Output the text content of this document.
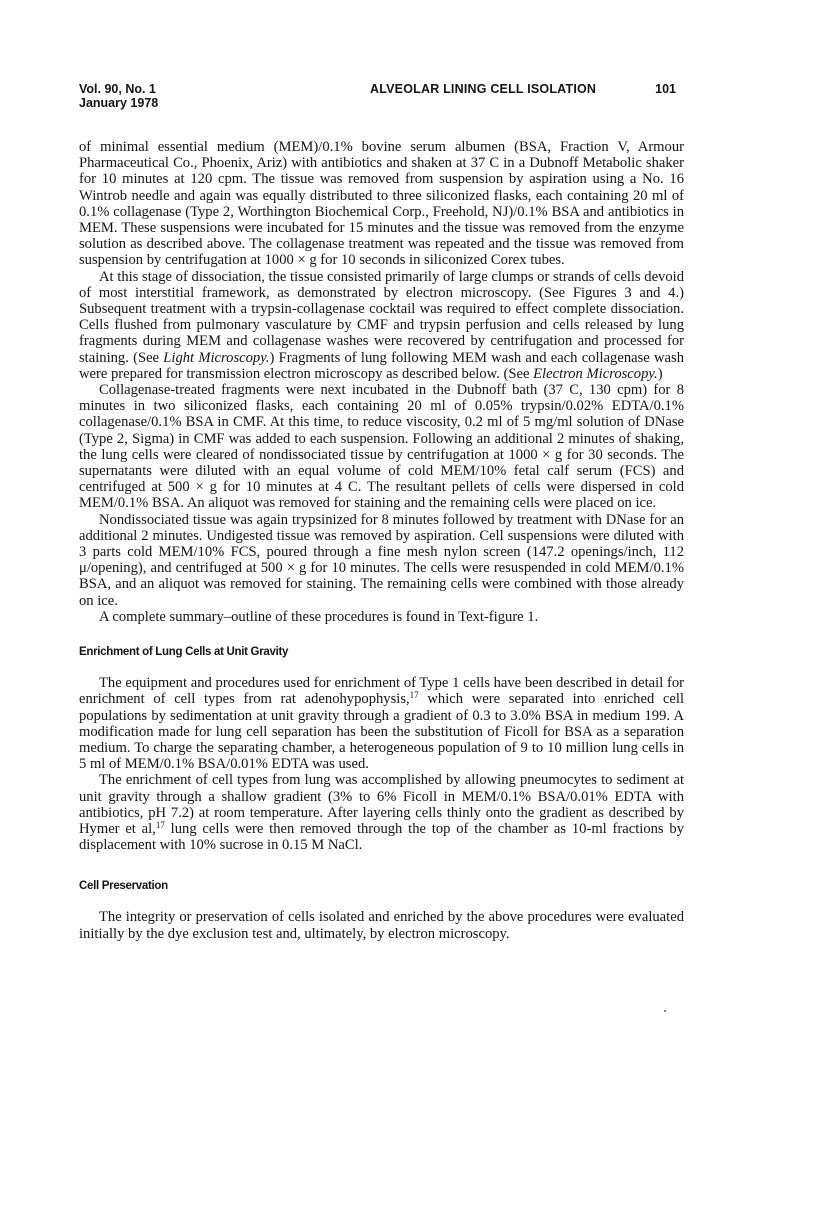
Vol. 90, No. 1
January 1978
ALVEOLAR LINING CELL ISOLATION	101

of minimal essential medium (MEM)/0.1% bovine serum albumen (BSA, Fraction V, Armour Pharmaceutical Co., Phoenix, Ariz) with antibiotics and shaken at 37 C in a Dubnoff Metabolic shaker for 10 minutes at 120 cpm. The tissue was removed from suspension by aspiration using a No. 16 Wintrob needle and again was equally distributed to three siliconized flasks, each containing 20 ml of 0.1% collagenase (Type 2, Worthington Biochemical Corp., Freehold, NJ)/0.1% BSA and antibiotics in MEM. These suspensions were incubated for 15 minutes and the tissue was removed from the enzyme solution as described above. The collagenase treatment was repeated and the tissue was removed from suspension by centrifugation at 1000 × g for 10 seconds in siliconized Corex tubes.

At this stage of dissociation, the tissue consisted primarily of large clumps or strands of cells devoid of most interstitial framework, as demonstrated by electron microscopy. (See Figures 3 and 4.) Subsequent treatment with a trypsin-collagenase cocktail was required to effect complete dissociation. Cells flushed from pulmonary vasculature by CMF and trypsin perfusion and cells released by lung fragments during MEM and collagenase washes were recovered by centrifugation and processed for staining. (See Light Microscopy.) Fragments of lung following MEM wash and each collagenase wash were prepared for transmission electron microscopy as described below. (See Electron Microscopy.)

Collagenase-treated fragments were next incubated in the Dubnoff bath (37 C, 130 cpm) for 8 minutes in two siliconized flasks, each containing 20 ml of 0.05% trypsin/0.02% EDTA/0.1% collagenase/0.1% BSA in CMF. At this time, to reduce viscosity, 0.2 ml of 5 mg/ml solution of DNase (Type 2, Sigma) in CMF was added to each suspension. Following an additional 2 minutes of shaking, the lung cells were cleared of nondissociated tissue by centrifugation at 1000 × g for 30 seconds. The supernatants were diluted with an equal volume of cold MEM/10% fetal calf serum (FCS) and centrifuged at 500 × g for 10 minutes at 4 C. The resultant pellets of cells were dispersed in cold MEM/0.1% BSA. An aliquot was removed for staining and the remaining cells were placed on ice.

Nondissociated tissue was again trypsinized for 8 minutes followed by treatment with DNase for an additional 2 minutes. Undigested tissue was removed by aspiration. Cell suspensions were diluted with 3 parts cold MEM/10% FCS, poured through a fine mesh nylon screen (147.2 openings/inch, 112 μ/opening), and centrifuged at 500 × g for 10 minutes. The cells were resuspended in cold MEM/0.1% BSA, and an aliquot was removed for staining. The remaining cells were combined with those already on ice.

A complete summary–outline of these procedures is found in Text-figure 1.

Enrichment of Lung Cells at Unit Gravity

The equipment and procedures used for enrichment of Type 1 cells have been described in detail for enrichment of cell types from rat adenohypophysis,$^{17}$ which were separated into enriched cell populations by sedimentation at unit gravity through a gradient of 0.3 to 3.0% BSA in medium 199. A modification made for lung cell separation has been the substitution of Ficoll for BSA as a separation medium. To charge the separating chamber, a heterogeneous population of 9 to 10 million lung cells in 5 ml of MEM/0.1% BSA/0.01% EDTA was used.

The enrichment of cell types from lung was accomplished by allowing pneumocytes to sediment at unit gravity through a shallow gradient (3% to 6% Ficoll in MEM/0.1% BSA/0.01% EDTA with antibiotics, pH 7.2) at room temperature. After layering cells thinly onto the gradient as described by Hymer et al,$^{17}$ lung cells were then removed through the top of the chamber as 10-ml fractions by displacement with 10% sucrose in 0.15 M NaCl.

Cell Preservation

The integrity or preservation of cells isolated and enriched by the above procedures were evaluated initially by the dye exclusion test and, ultimately, by electron microscopy.
